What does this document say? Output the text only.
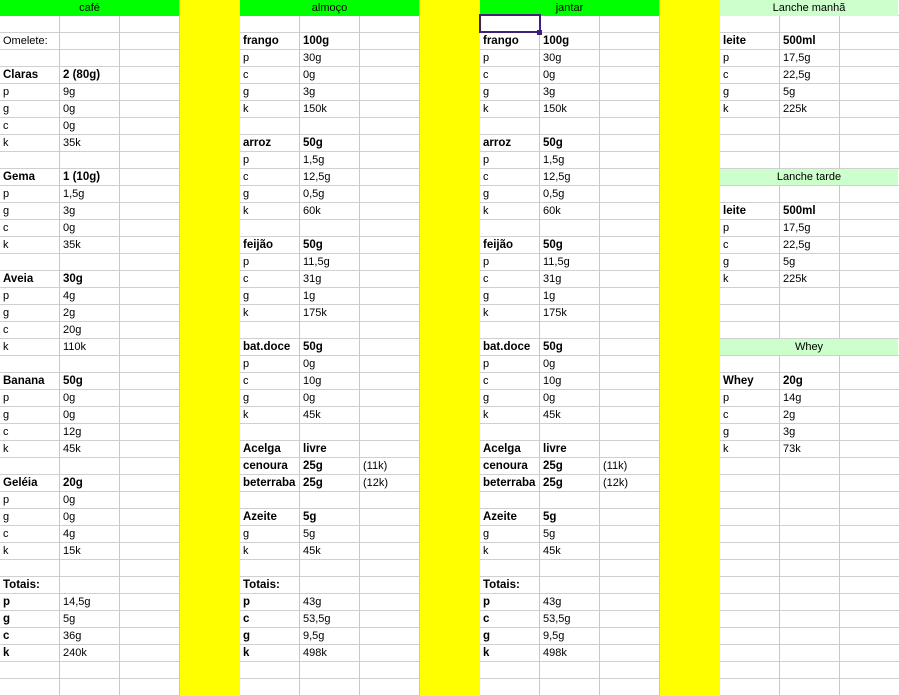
café	almoço	jantar	Lanche manhã
Lanche tarde
Whey
Omelete:
Claras	2 (80g)
p	9g
g	0g
c	0g
k	35k
Gema	1 (10g)
p	1,5g
g	3g
c	0g
k	35k
Aveia	30g
p	4g
g	2g
c	20g
k	110k
Banana	50g
p	0g
g	0g
c	12g
k	45k
Geléia	20g
p	0g
g	0g
c	4g
k	15k
Totais:
p	14,5g
g	5g
c	36g
k	240k
frango	100g
p	30g
c	0g
g	3g
k	150k
arroz	50g
p	1,5g
c	12,5g
g	0,5g
k	60k
feijão	50g
p	11,5g
c	31g
g	1g
k	175k
bat.doce	50g
p	0g
c	10g
g	0g
k	45k
Acelga	livre
cenoura	25g	(11k)
beterraba 25g	(12k)
Azeite	5g
g	5g
k	45k
Totais:
p	43g
c	53,5g
g	9,5g
k	498k
frango	100g
p	30g
c	0g
g	3g
k	150k
arroz	50g
p	1,5g
c	12,5g
g	0,5g
k	60k
feijão	50g
p	11,5g
c	31g
g	1g
k	175k
bat.doce	50g
p	0g
c	10g
g	0g
k	45k
Acelga	livre
cenoura	25g	(11k)
beterraba 25g	(12k)
Azeite	5g
g	5g
k	45k
Totais:
p	43g
c	53,5g
g	9,5g
k	498k
leite	500ml
p	17,5g
c	22,5g
g	5g
k	225k
leite	500ml
p	17,5g
c	22,5g
g	5g
k	225k
Whey	20g
p	14g
c	2g
g	3g
k	73k
